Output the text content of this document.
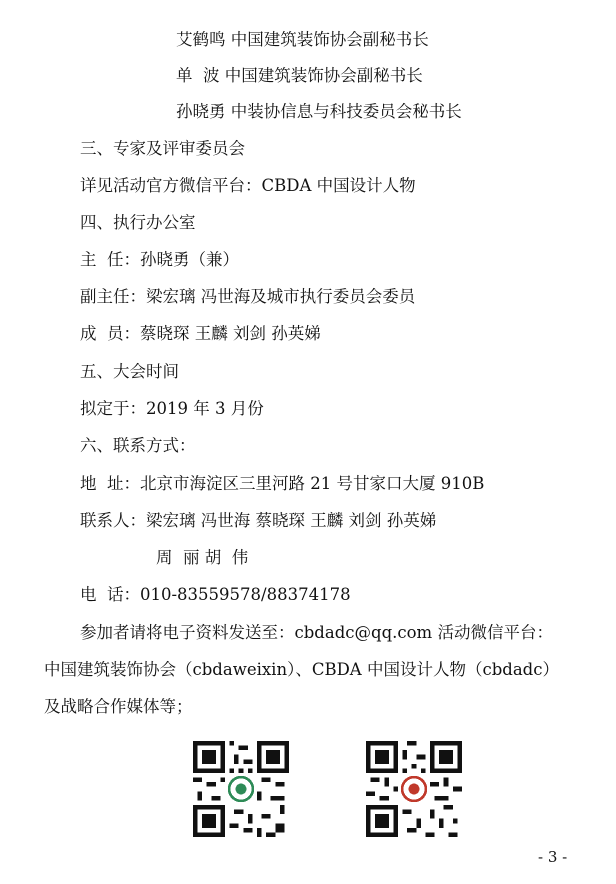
艾鹤鸣 中国建筑装饰协会副秘书长
单  波 中国建筑装饰协会副秘书长
孙晓勇 中装协信息与科技委员会秘书长
三、专家及评审委员会
详见活动官方微信平台：CBDA 中国设计人物
四、执行办公室
主  任：孙晓勇（兼）
副主任：梁宏璃 冯世海及城市执行委员会委员
成  员：蔡晓琛 王麟 刘剑 孙英娣
五、大会时间
拟定于：2019 年 3 月份
六、联系方式：
地  址：北京市海淀区三里河路 21 号甘家口大厦 910B
联系人：梁宏璃 冯世海 蔡晓琛 王麟 刘剑 孙英娣
周  丽 胡  伟
电  话：010-83559578/88374178
参加者请将电子资料发送至：cbdadc@qq.com 活动微信平台：
中国建筑装饰协会（cbdaweixin）、CBDA 中国设计人物（cbdadc）
及战略合作媒体等；
- 3 -
